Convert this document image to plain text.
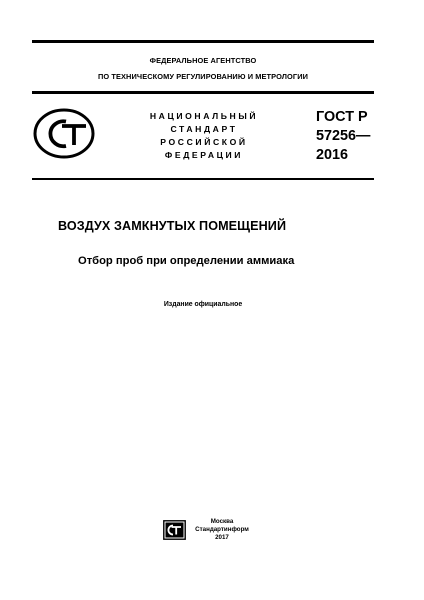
ФЕДЕРАЛЬНОЕ АГЕНТСТВО
ПО ТЕХНИЧЕСКОМУ РЕГУЛИРОВАНИЮ И МЕТРОЛОГИИ
НАЦИОНАЛЬНЫЙ
СТАНДАРТ
РОССИЙСКОЙ
ФЕДЕРАЦИИ
ГОСТ Р
57256—
2016
ВОЗДУХ ЗАМКНУТЫХ ПОМЕЩЕНИЙ
Отбор проб при определении аммиака
Издание официальное
Москва
Стандартинформ
2017
